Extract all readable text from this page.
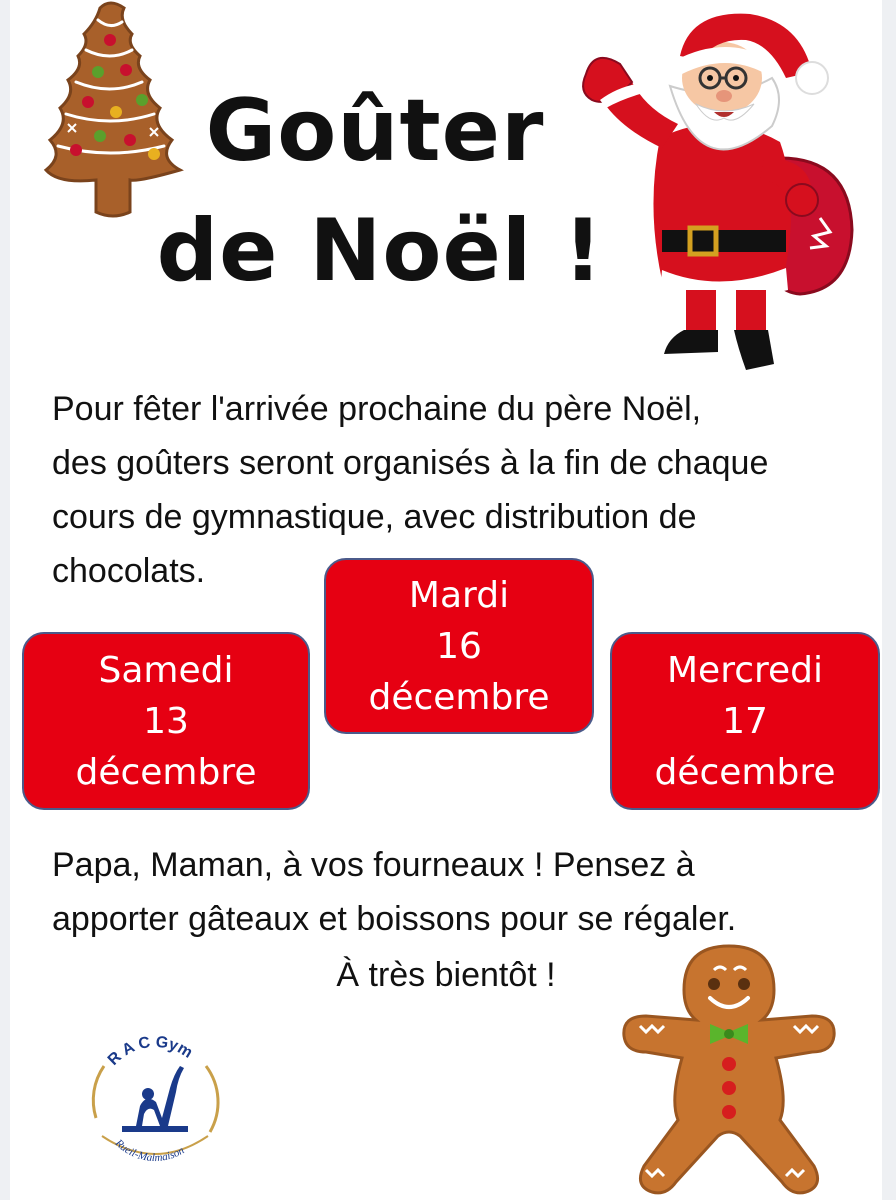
Goûter
de Noël !
Pour fêter l'arrivée prochaine du père Noël,
des goûters seront organisés à la fin de chaque
cours de gymnastique, avec distribution de
chocolats.
Samedi
13
décembre
Mardi
16
décembre
Mercredi
17
décembre
Papa, Maman, à vos fourneaux ! Pensez à
apporter gâteaux et boissons pour se régaler.
À très bientôt !
R A C Gym
Rueil-Malmaison
